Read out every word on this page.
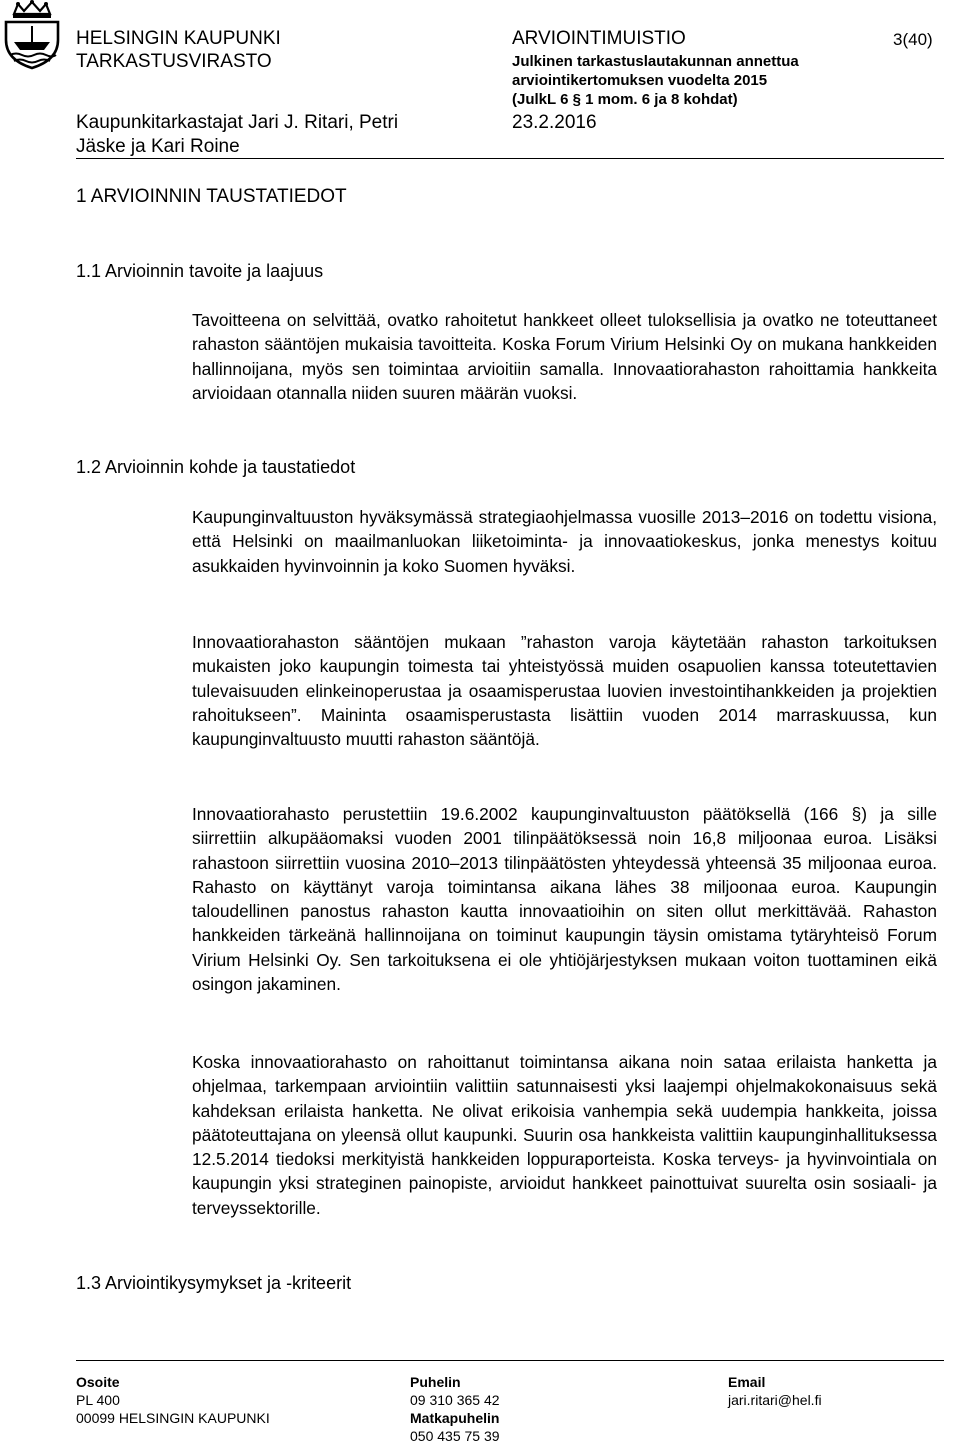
HELSINGIN KAUPUNKI
TARKASTUSVIRASTO
ARVIOINTIMUISTIO	3(40)
Julkinen tarkastuslautakunnan annettua
arviointikertomuksen vuodelta 2015
(JulkL 6 § 1 mom. 6 ja 8 kohdat)
Kaupunkitarkastajat Jari J. Ritari, Petri
Jäske ja Kari Roine
23.2.2016
1 ARVIOINNIN TAUSTATIEDOT
1.1 Arvioinnin tavoite ja laajuus
Tavoitteena on selvittää, ovatko rahoitetut hankkeet olleet tuloksellisia ja ovatko ne toteuttaneet rahaston sääntöjen mukaisia tavoitteita. Koska Forum Virium Helsinki Oy on mukana hankkeiden hallinnoijana, myös sen toimintaa arvioitiin samalla. Innovaatiorahaston rahoittamia hankkeita arvioidaan otannalla niiden suuren määrän vuoksi.
1.2 Arvioinnin kohde ja taustatiedot
Kaupunginvaltuuston hyväksymässä strategiaohjelmassa vuosille 2013–2016 on todettu visiona, että Helsinki on maailmanluokan liiketoiminta- ja innovaatiokeskus, jonka menestys koituu asukkaiden hyvinvoinnin ja koko Suomen hyväksi.
Innovaatiorahaston sääntöjen mukaan ”rahaston varoja käytetään rahaston tarkoituksen mukaisten joko kaupungin toimesta tai yhteistyössä muiden osapuolien kanssa toteutettavien tulevaisuuden elinkeinoperustaa ja osaamisperustaa luovien investointihankkeiden ja projektien rahoitukseen”. Maininta osaamisperustasta lisättiin vuoden 2014 marraskuussa, kun kaupunginvaltuusto muutti rahaston sääntöjä.
Innovaatiorahasto perustettiin 19.6.2002 kaupunginvaltuuston päätöksellä (166 §) ja sille siirrettiin alkupääomaksi vuoden 2001 tilinpäätöksessä noin 16,8 miljoonaa euroa. Lisäksi rahastoon siirrettiin vuosina 2010–2013 tilinpäätösten yhteydessä yhteensä 35 miljoonaa euroa. Rahasto on käyttänyt varoja toimintansa aikana lähes 38 miljoonaa euroa. Kaupungin taloudellinen panostus rahaston kautta innovaatioihin on siten ollut merkittävää. Rahaston hankkeiden tärkeänä hallinnoijana on toiminut kaupungin täysin omistama tytäryhteisö Forum Virium Helsinki Oy. Sen tarkoituksena ei ole yhtiöjärjestyksen mukaan voiton tuottaminen eikä osingon jakaminen.
Koska innovaatiorahasto on rahoittanut toimintansa aikana noin sataa erilaista hanketta ja ohjelmaa, tarkempaan arviointiin valittiin satunnaisesti yksi laajempi ohjelmakokonaisuus sekä kahdeksan erilaista hanketta. Ne olivat erikoisia vanhempia sekä uudempia hankkeita, joissa päätoteuttajana on yleensä ollut kaupunki. Suurin osa hankkeista valittiin kaupunginhallituksessa 12.5.2014 tiedoksi merkityistä hankkeiden loppuraporteista. Koska terveys- ja hyvinvointiala on kaupungin yksi strateginen painopiste, arvioidut hankkeet painottuivat suurelta osin sosiaali- ja terveyssektorille.
1.3 Arviointikysymykset ja -kriteerit
Osoite
PL 400
00099 HELSINGIN KAUPUNKI
Puhelin
09 310 365 42
Matkapuhelin
050 435 75 39
Email
jari.ritari@hel.fi
